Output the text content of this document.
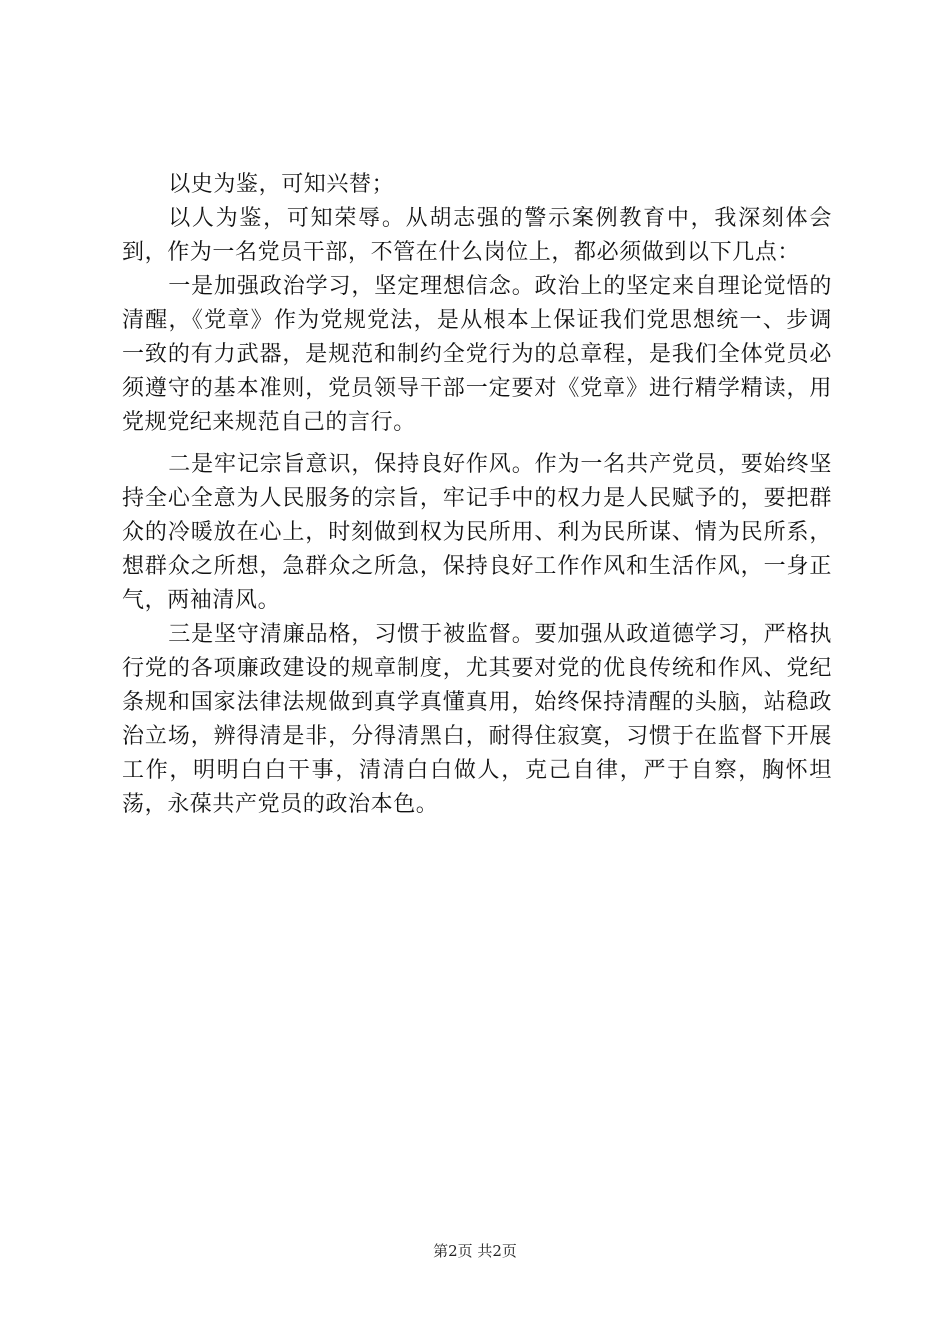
以史为鉴，可知兴替；

以人为鉴，可知荣辱。从胡志强的警示案例教育中，我深刻体会到，作为一名党员干部，不管在什么岗位上，都必须做到以下几点：

一是加强政治学习，坚定理想信念。政治上的坚定来自理论觉悟的清醒，《党章》作为党规党法，是从根本上保证我们党思想统一、步调一致的有力武器，是规范和制约全党行为的总章程，是我们全体党员必须遵守的基本准则，党员领导干部一定要对《党章》进行精学精读，用党规党纪来规范自己的言行。

二是牢记宗旨意识，保持良好作风。作为一名共产党员，要始终坚持全心全意为人民服务的宗旨，牢记手中的权力是人民赋予的，要把群众的冷暖放在心上，时刻做到权为民所用、利为民所谋、情为民所系，想群众之所想，急群众之所急，保持良好工作作风和生活作风，一身正气，两袖清风。

三是坚守清廉品格，习惯于被监督。要加强从政道德学习，严格执行党的各项廉政建设的规章制度，尤其要对党的优良传统和作风、党纪条规和国家法律法规做到真学真懂真用，始终保持清醒的头脑，站稳政治立场，辨得清是非，分得清黑白，耐得住寂寞，习惯于在监督下开展工作，明明白白干事，清清白白做人，克己自律，严于自察，胸怀坦荡，永葆共产党员的政治本色。

第2页 共2页
